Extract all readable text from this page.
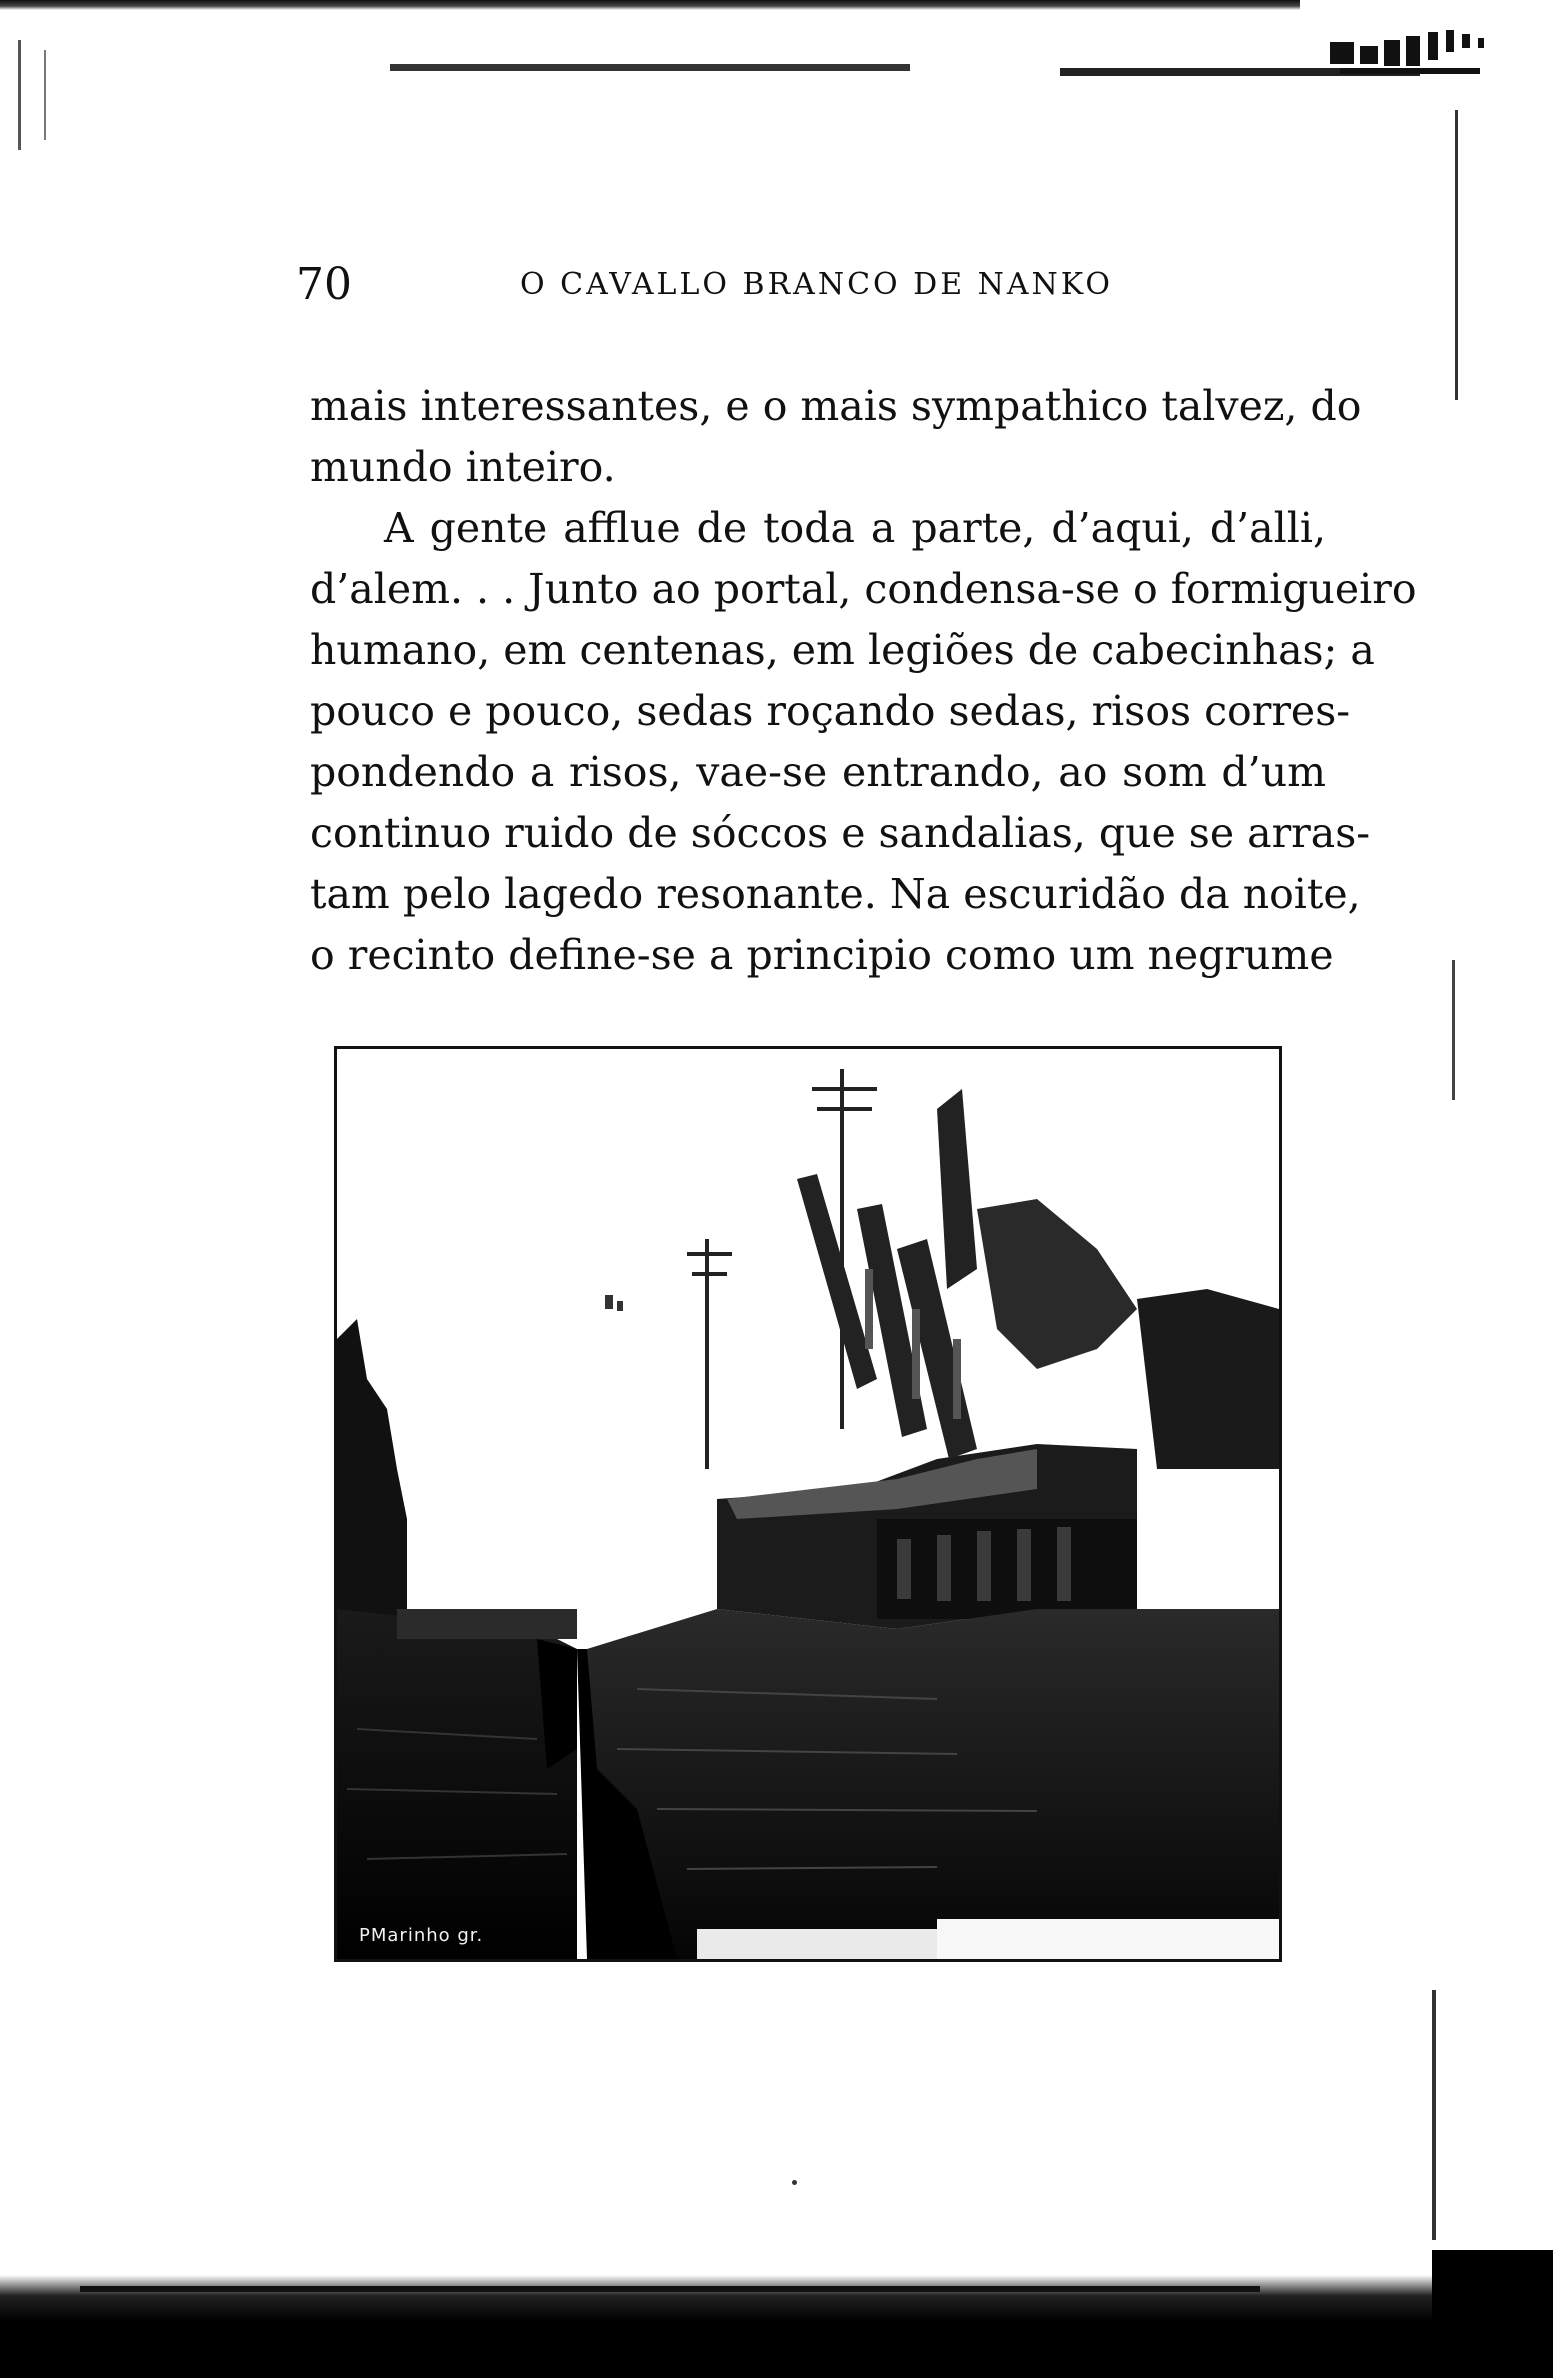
70	O CAVALLO BRANCO DE NANKO
mais interessantes, e o mais sympathico talvez, do
mundo inteiro.
A gente afflue de toda a parte, d’aqui, d’alli,
d’alem. . . Junto ao portal, condensa-se o formigueiro
humano, em centenas, em legiões de cabecinhas; a
pouco e pouco, sedas roçando sedas, risos corres-
pondendo a risos, vae-se entrando, ao som d’um
continuo ruido de sóccos e sandalias, que se arras-
tam pelo lagedo resonante. Na escuridão da noite,
o recinto define-se a principio como um negrume
PMarinho gr.
